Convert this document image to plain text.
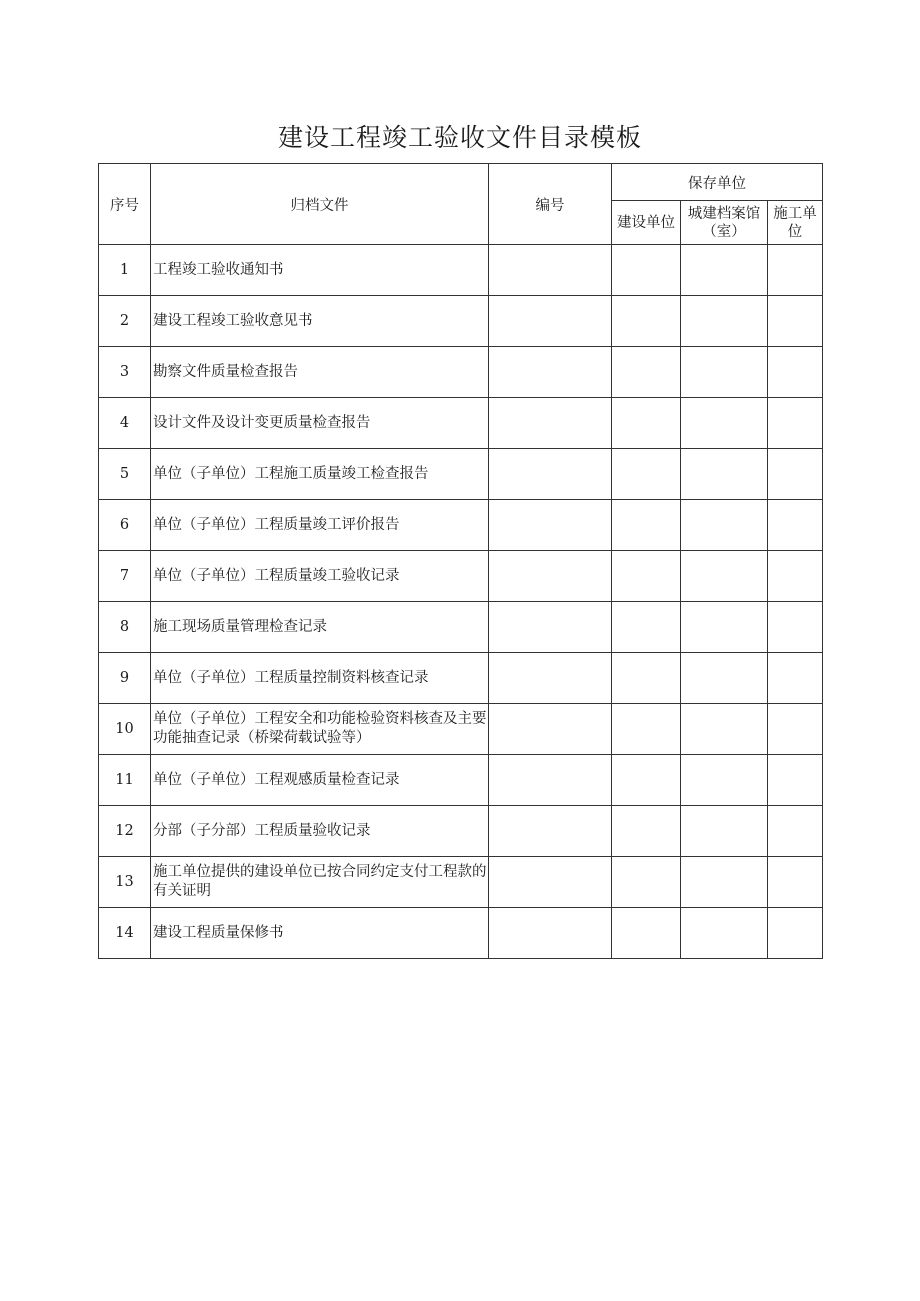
建设工程竣工验收文件目录模板
序号	归档文件	编号	保存单位		
			建设单位	城建档案馆（室）	施工单位
1	工程竣工验收通知书				
2	建设工程竣工验收意见书				
3	勘察文件质量检查报告				
4	设计文件及设计变更质量检查报告				
5	单位（子单位）工程施工质量竣工检查报告				
6	单位（子单位）工程质量竣工评价报告				
7	单位（子单位）工程质量竣工验收记录				
8	施工现场质量管理检查记录				
9	单位（子单位）工程质量控制资料核查记录				
10	单位（子单位）工程安全和功能检验资料核查及主要功能抽查记录（桥梁荷载试验等）				
11	单位（子单位）工程观感质量检查记录				
12	分部（子分部）工程质量验收记录				
13	施工单位提供的建设单位已按合同约定支付工程款的有关证明				
14	建设工程质量保修书				
